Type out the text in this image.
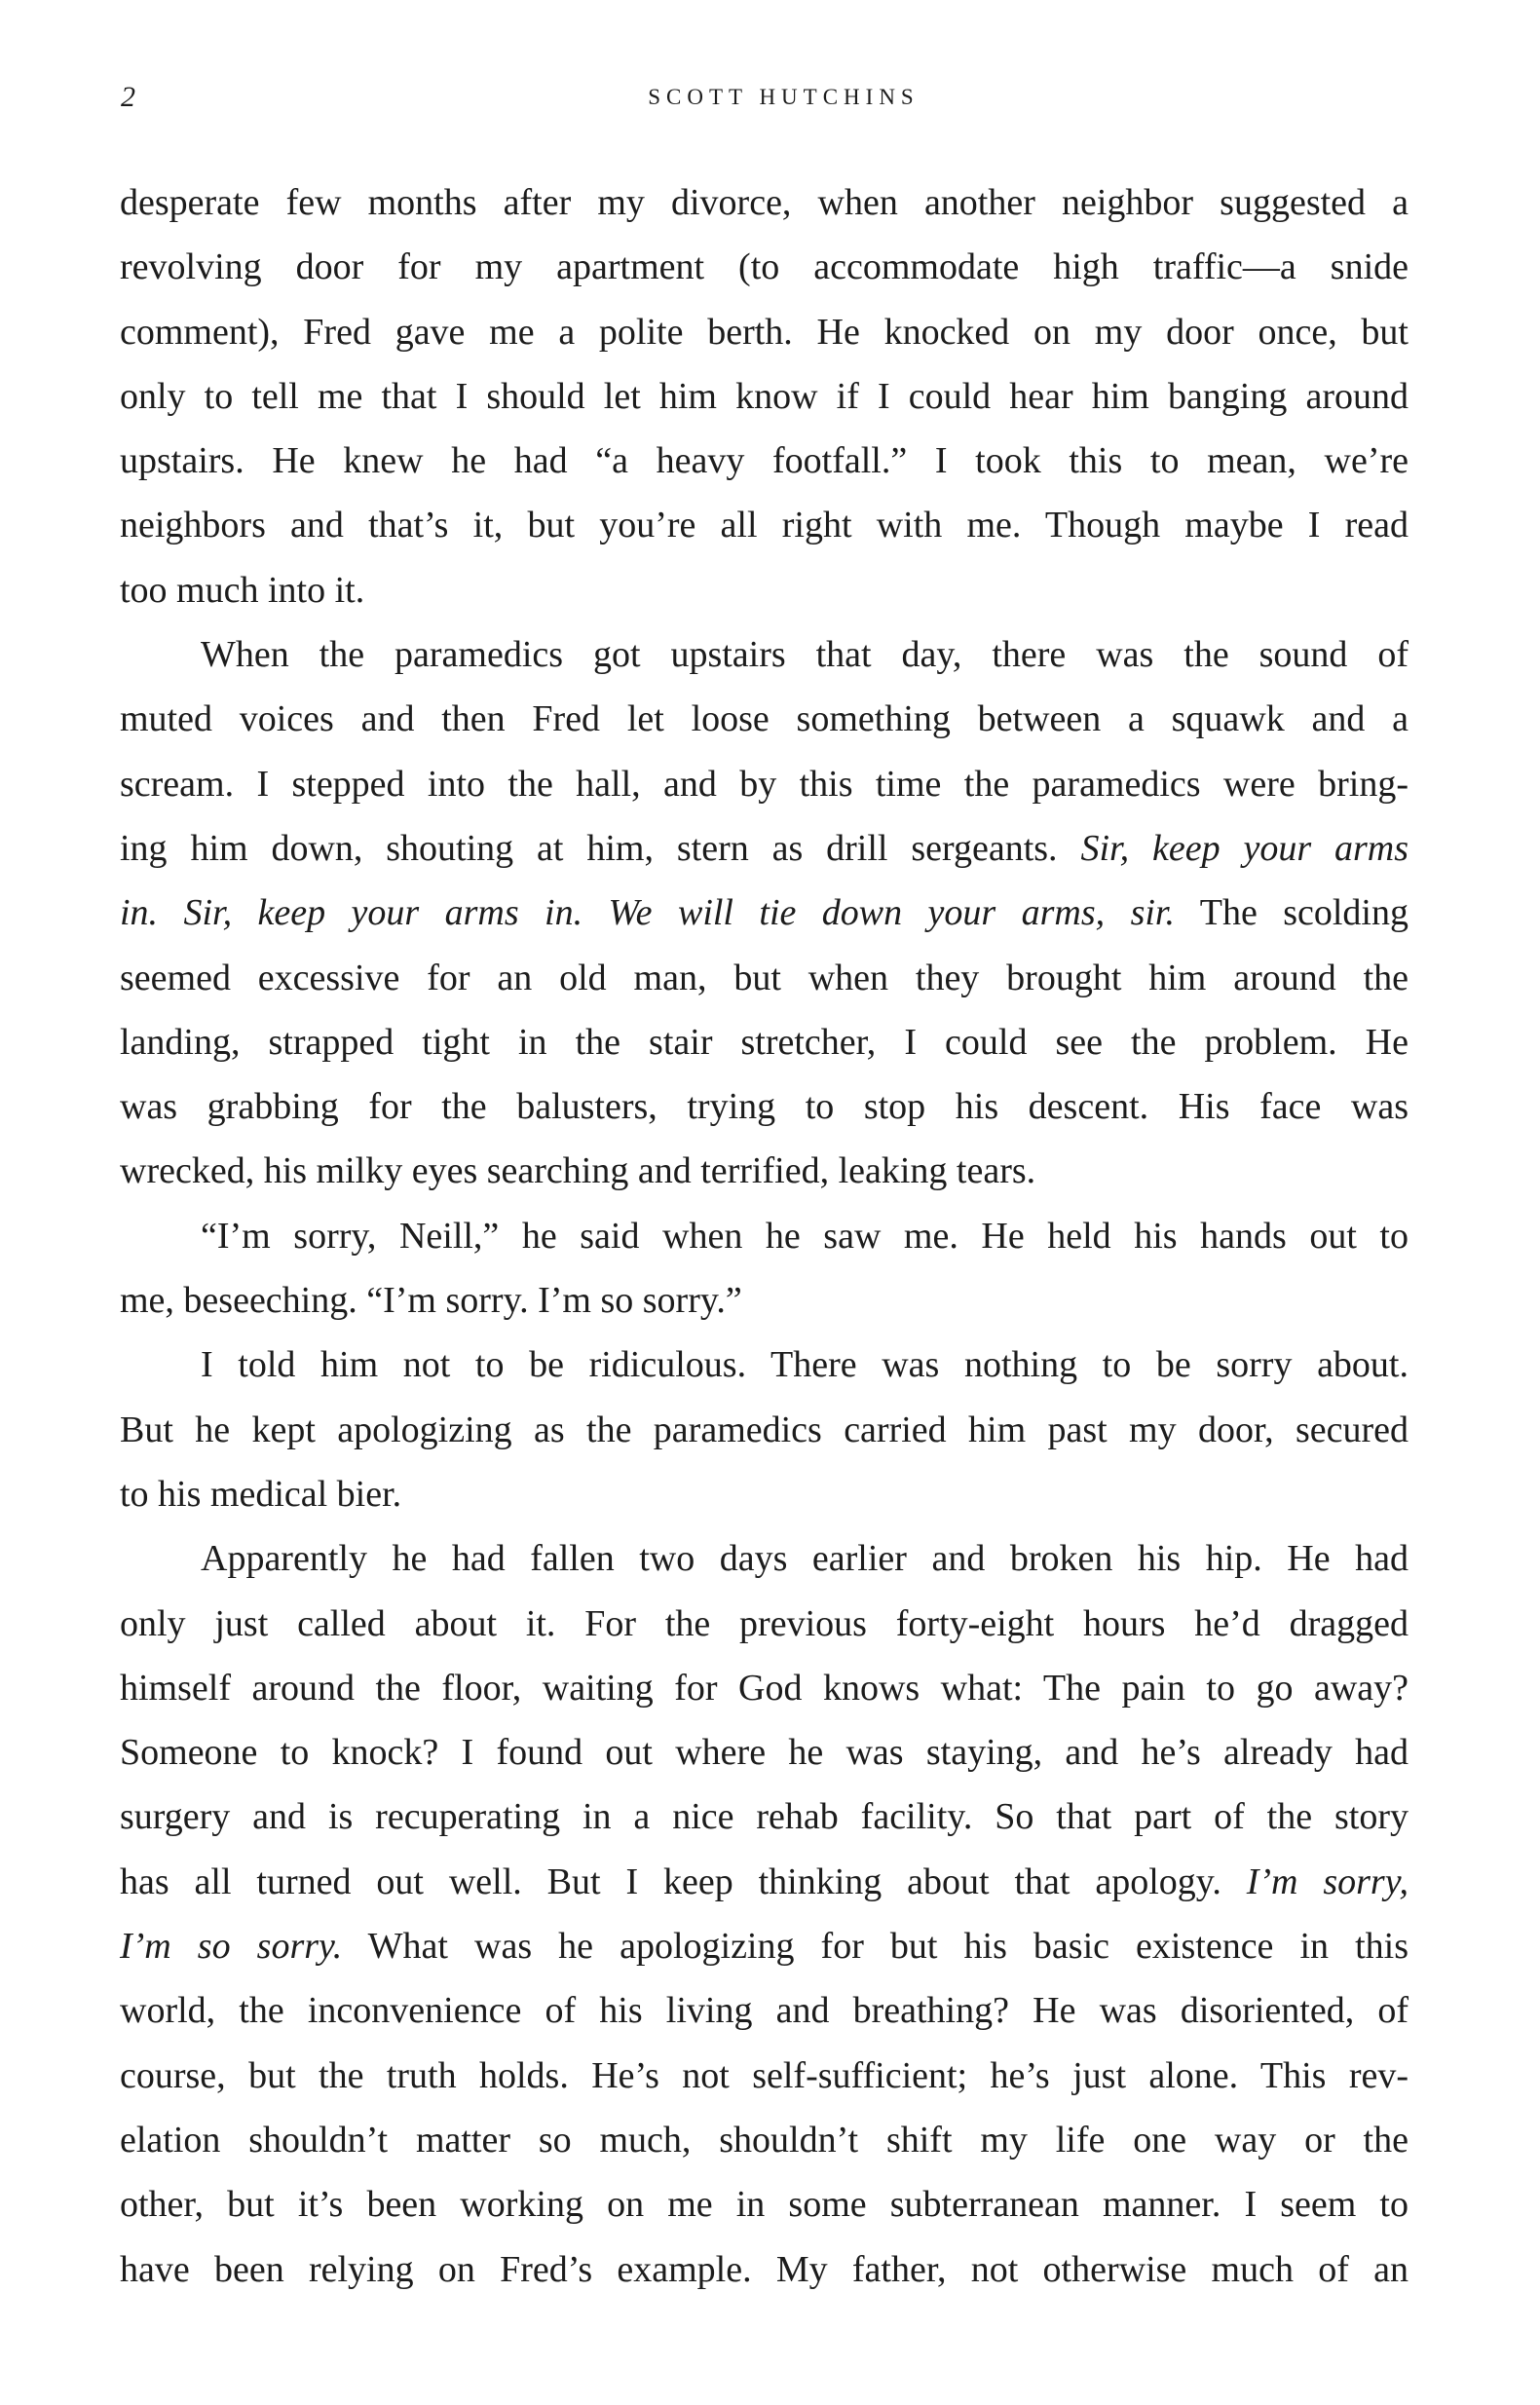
2	SCOTT HUTCHINS
desperate few months after my divorce, when another neighbor suggested a
revolving door for my apartment (to accommodate high traffic—a snide
comment), Fred gave me a polite berth. He knocked on my door once, but
only to tell me that I should let him know if I could hear him banging around
upstairs. He knew he had “a heavy footfall.” I took this to mean, we’re
neighbors and that’s it, but you’re all right with me. Though maybe I read
too much into it.
When the paramedics got upstairs that day, there was the sound of
muted voices and then Fred let loose something between a squawk and a
scream. I stepped into the hall, and by this time the paramedics were bring-
ing him down, shouting at him, stern as drill sergeants. Sir, keep your arms
in. Sir, keep your arms in. We will tie down your arms, sir. The scolding
seemed excessive for an old man, but when they brought him around the
landing, strapped tight in the stair stretcher, I could see the problem. He
was grabbing for the balusters, trying to stop his descent. His face was
wrecked, his milky eyes searching and terrified, leaking tears.
“I’m sorry, Neill,” he said when he saw me. He held his hands out to
me, beseeching. “I’m sorry. I’m so sorry.”
I told him not to be ridiculous. There was nothing to be sorry about.
But he kept apologizing as the paramedics carried him past my door, secured
to his medical bier.
Apparently he had fallen two days earlier and broken his hip. He had
only just called about it. For the previous forty-eight hours he’d dragged
himself around the floor, waiting for God knows what: The pain to go away?
Someone to knock? I found out where he was staying, and he’s already had
surgery and is recuperating in a nice rehab facility. So that part of the story
has all turned out well. But I keep thinking about that apology. I’m sorry,
I’m so sorry. What was he apologizing for but his basic existence in this
world, the inconvenience of his living and breathing? He was disoriented, of
course, but the truth holds. He’s not self-sufficient; he’s just alone. This rev-
elation shouldn’t matter so much, shouldn’t shift my life one way or the
other, but it’s been working on me in some subterranean manner. I seem to
have been relying on Fred’s example. My father, not otherwise much of an
